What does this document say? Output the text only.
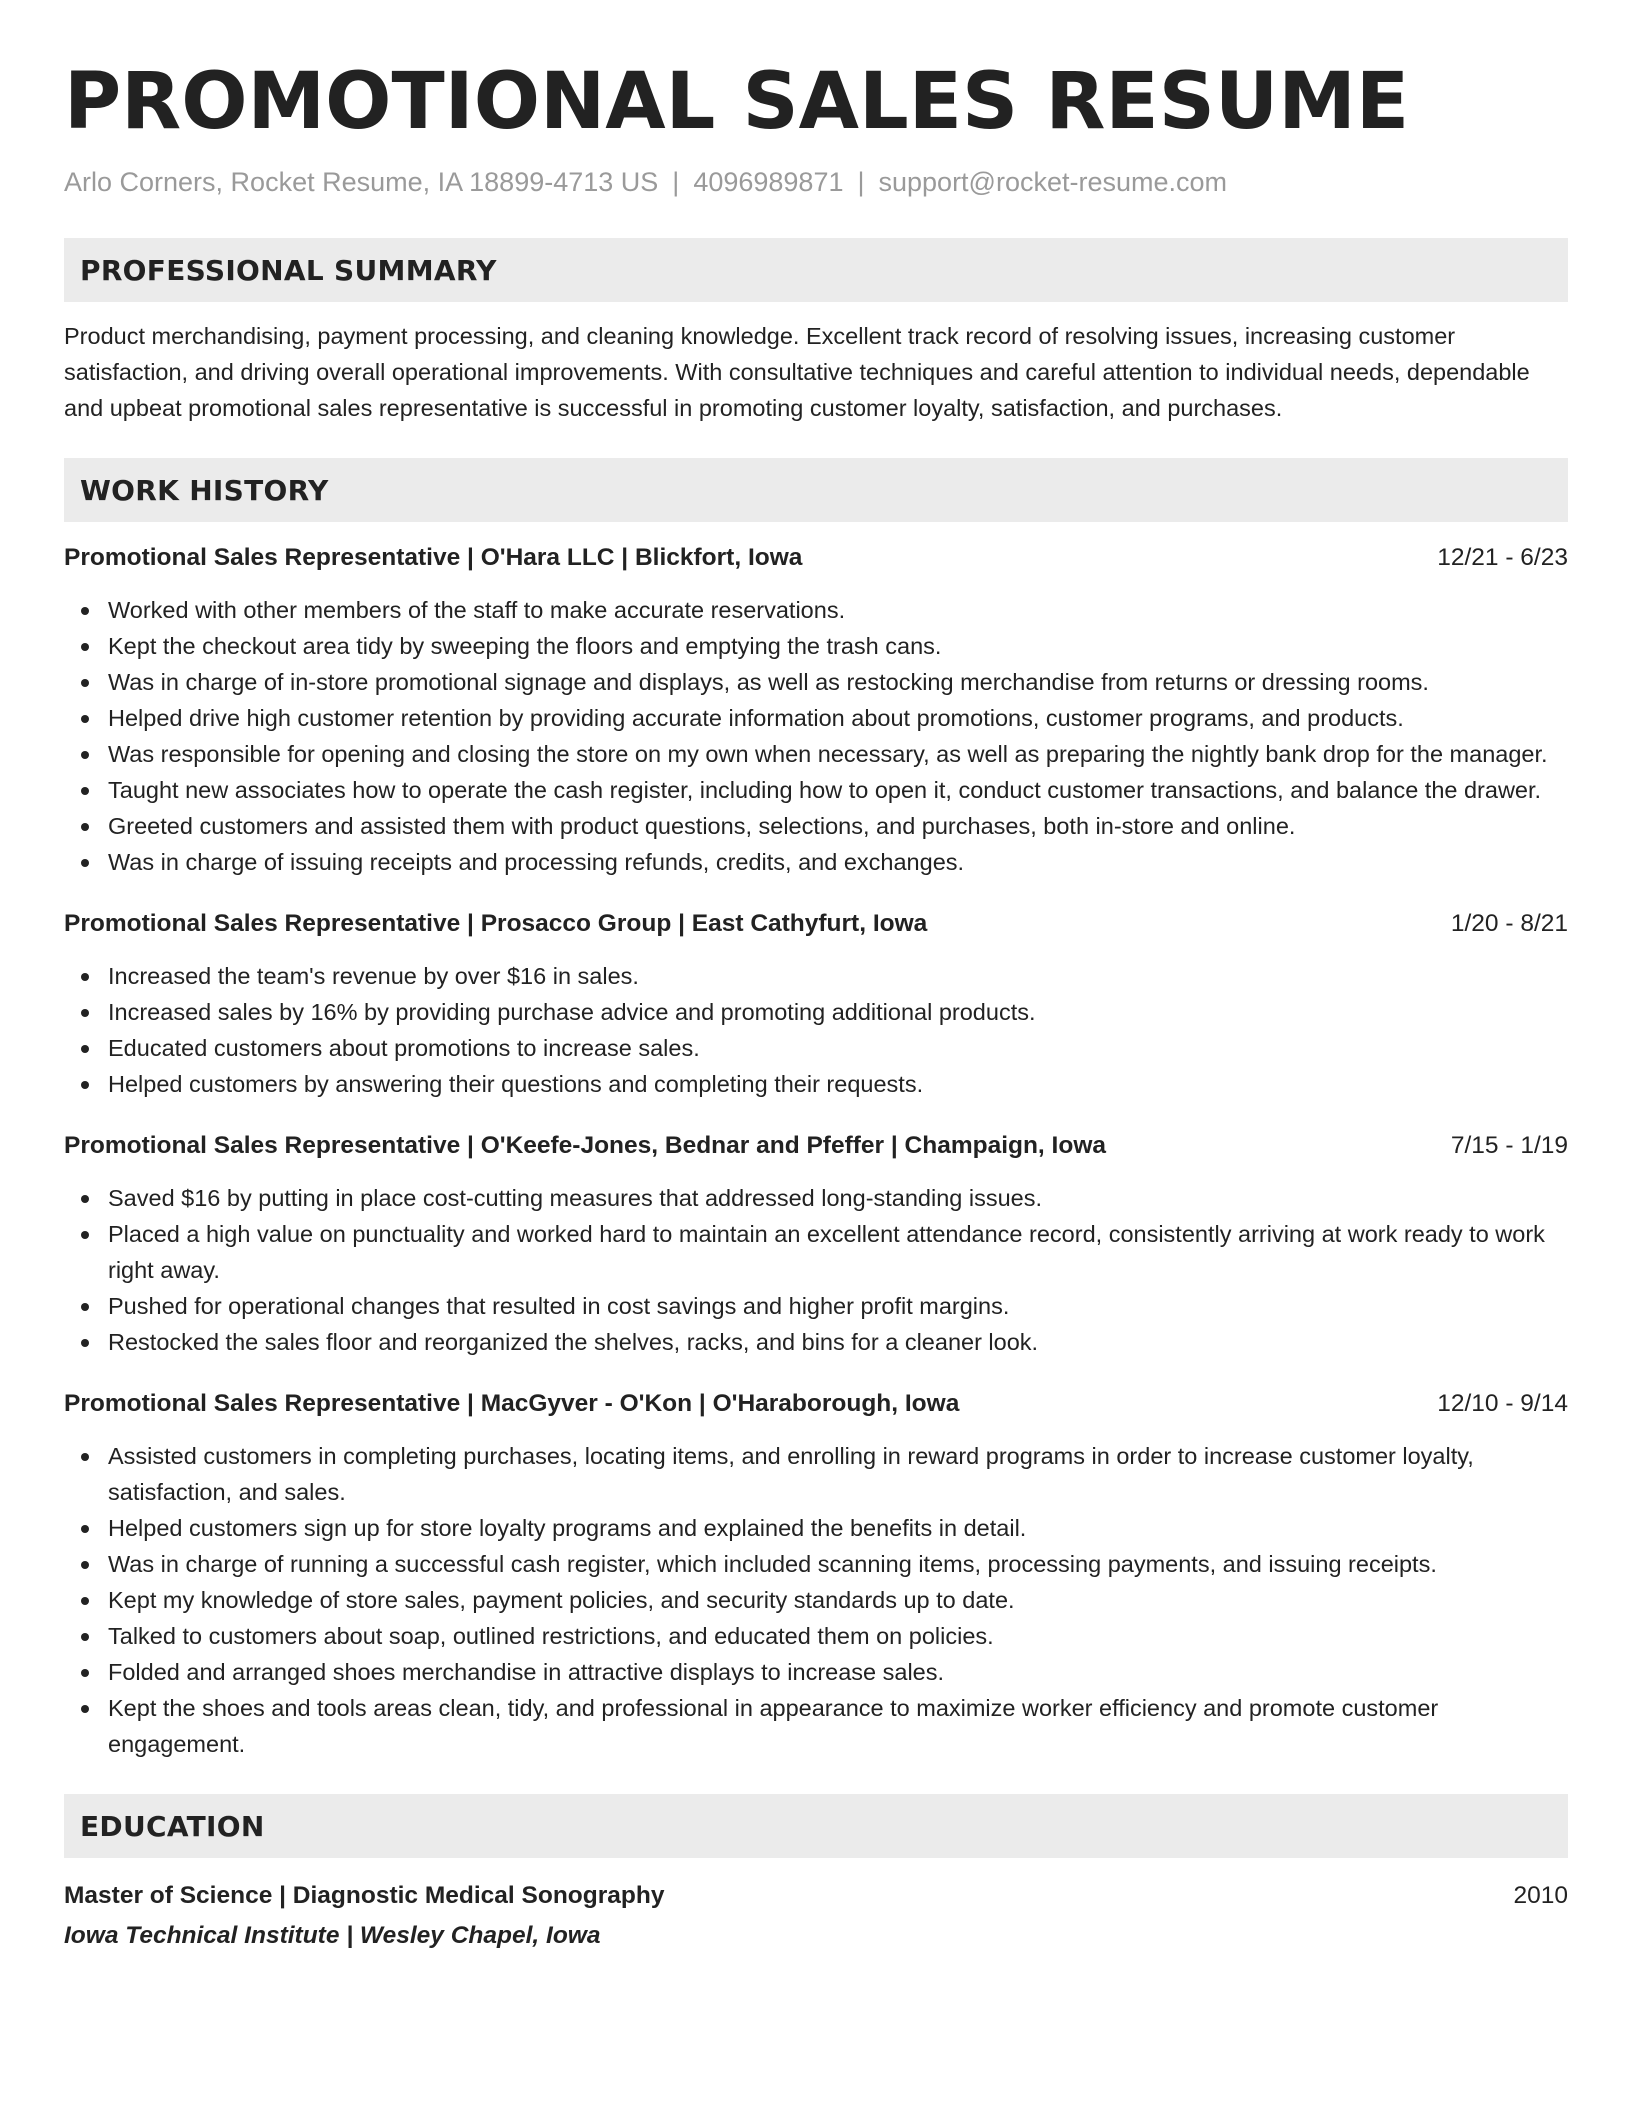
PROMOTIONAL SALES RESUME
Arlo Corners, Rocket Resume, IA 18899-4713 US | 4096989871 | support@rocket-resume.com
PROFESSIONAL SUMMARY

Product merchandising, payment processing, and cleaning knowledge. Excellent track record of resolving issues, increasing customer satisfaction, and driving overall operational improvements. With consultative techniques and careful attention to individual needs, dependable and upbeat promotional sales representative is successful in promoting customer loyalty, satisfaction, and purchases.

WORK HISTORY
Promotional Sales Representative | O'Hara LLC | Blickfort, Iowa	12/21 - 6/23
Worked with other members of the staff to make accurate reservations.
Kept the checkout area tidy by sweeping the floors and emptying the trash cans.
Was in charge of in-store promotional signage and displays, as well as restocking merchandise from returns or dressing rooms.
Helped drive high customer retention by providing accurate information about promotions, customer programs, and products.
Was responsible for opening and closing the store on my own when necessary, as well as preparing the nightly bank drop for the manager.
Taught new associates how to operate the cash register, including how to open it, conduct customer transactions, and balance the drawer.
Greeted customers and assisted them with product questions, selections, and purchases, both in-store and online.
Was in charge of issuing receipts and processing refunds, credits, and exchanges.
Promotional Sales Representative | Prosacco Group | East Cathyfurt, Iowa	1/20 - 8/21
Increased the team's revenue by over $16 in sales.
Increased sales by 16% by providing purchase advice and promoting additional products.
Educated customers about promotions to increase sales.
Helped customers by answering their questions and completing their requests.
Promotional Sales Representative | O'Keefe-Jones, Bednar and Pfeffer | Champaign, Iowa	7/15 - 1/19
Saved $16 by putting in place cost-cutting measures that addressed long-standing issues.
Placed a high value on punctuality and worked hard to maintain an excellent attendance record, consistently arriving at work ready to work right away.
Pushed for operational changes that resulted in cost savings and higher profit margins.
Restocked the sales floor and reorganized the shelves, racks, and bins for a cleaner look.
Promotional Sales Representative | MacGyver - O'Kon | O'Haraborough, Iowa	12/10 - 9/14
Assisted customers in completing purchases, locating items, and enrolling in reward programs in order to increase customer loyalty, satisfaction, and sales.
Helped customers sign up for store loyalty programs and explained the benefits in detail.
Was in charge of running a successful cash register, which included scanning items, processing payments, and issuing receipts.
Kept my knowledge of store sales, payment policies, and security standards up to date.
Talked to customers about soap, outlined restrictions, and educated them on policies.
Folded and arranged shoes merchandise in attractive displays to increase sales.
Kept the shoes and tools areas clean, tidy, and professional in appearance to maximize worker efficiency and promote customer engagement.
EDUCATION
Master of Science | Diagnostic Medical Sonography	2010
Iowa Technical Institute | Wesley Chapel, Iowa
